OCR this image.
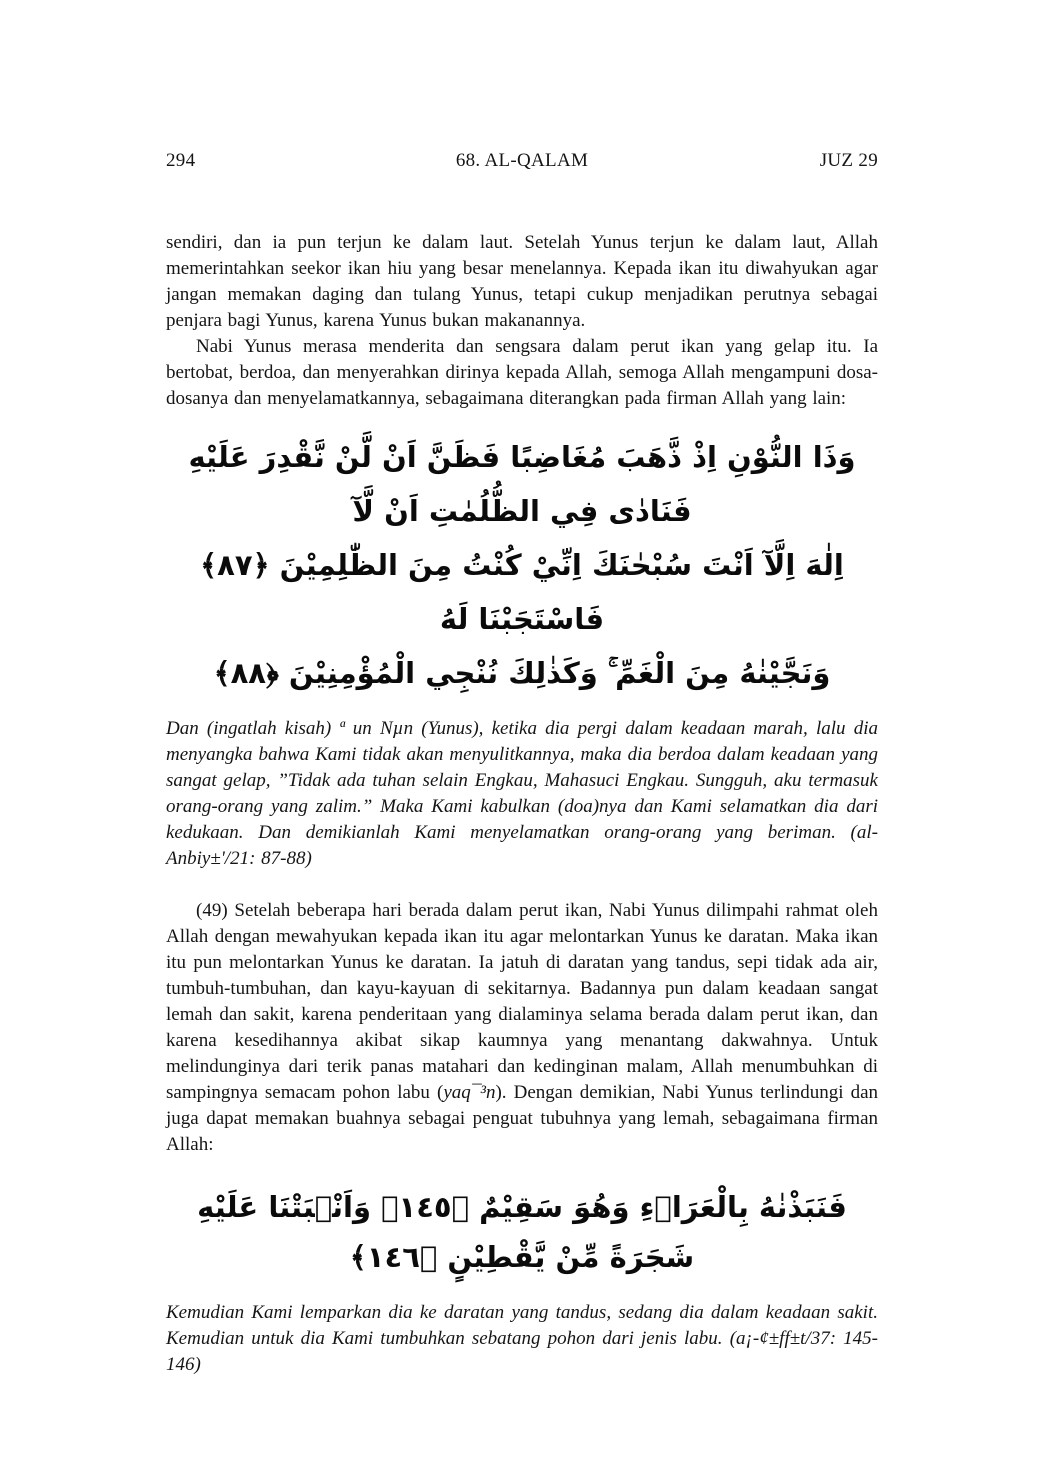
294	68. AL-QALAM	JUZ 29

sendiri, dan ia pun terjun ke dalam laut. Setelah Yunus terjun ke dalam laut, Allah memerintahkan seekor ikan hiu yang besar menelannya. Kepada ikan itu diwahyukan agar jangan memakan daging dan tulang Yunus, tetapi cukup menjadikan perutnya sebagai penjara bagi Yunus, karena Yunus bukan makanannya.

Nabi Yunus merasa menderita dan sengsara dalam perut ikan yang gelap itu. Ia bertobat, berdoa, dan menyerahkan dirinya kepada Allah, semoga Allah mengampuni dosa-dosanya dan menyelamatkannya, sebagaimana diterangkan pada firman Allah yang lain:

وَذَا النُّوْنِ اِذْ ذَّهَبَ مُغَاضِبًا فَظَنَّ اَنْ لَّنْ نَّقْدِرَ عَلَيْهِ فَنَادٰى فِي الظُّلُمٰتِ اَنْ لَّآ
اِلٰهَ اِلَّآ اَنْتَ سُبْحٰنَكَ اِنِّيْ كُنْتُ مِنَ الظّٰلِمِيْنَ ﴿٨٧﴾ فَاسْتَجَبْنَا لَهُ
وَنَجَّيْنٰهُ مِنَ الْغَمِّ ۚ وَكَذٰلِكَ نُنْجِي الْمُؤْمِنِيْنَ ﴿٨٨﴾

Dan (ingatlah kisah) ª un Nµn (Yunus), ketika dia pergi dalam keadaan marah, lalu dia menyangka bahwa Kami tidak akan menyulitkannya, maka dia berdoa dalam keadaan yang sangat gelap, ”Tidak ada tuhan selain Engkau, Mahasuci Engkau. Sungguh, aku termasuk orang-orang yang zalim.” Maka Kami kabulkan (doa)nya dan Kami selamatkan dia dari kedukaan. Dan demikianlah Kami menyelamatkan orang-orang yang beriman. (al-Anbiy±'/21: 87-88)

(49) Setelah beberapa hari berada dalam perut ikan, Nabi Yunus dilimpahi rahmat oleh Allah dengan mewahyukan kepada ikan itu agar melontarkan Yunus ke daratan. Maka ikan itu pun melontarkan Yunus ke daratan. Ia jatuh di daratan yang tandus, sepi tidak ada air, tumbuh-tumbuhan, dan kayu-kayuan di sekitarnya. Badannya pun dalam keadaan sangat lemah dan sakit, karena penderitaan yang dialaminya selama berada dalam perut ikan, dan karena kesedihannya akibat sikap kaumnya yang menantang dakwahnya. Untuk melindunginya dari terik panas matahari dan kedinginan malam, Allah menumbuhkan di sampingnya semacam pohon labu (yaq¯³n). Dengan demikian, Nabi Yunus terlindungi dan juga dapat memakan buahnya sebagai penguat tubuhnya yang lemah, sebagaimana firman Allah:

فَنَبَذْنٰهُ بِالْعَرَاۤءِ وَهُوَ سَقِيْمٌ ﴿١٤٥﴾ وَاَنْۢبَتْنَا عَلَيْهِ شَجَرَةً مِّنْ يَّقْطِيْنٍ ﴿١٤٦﴾

Kemudian Kami lemparkan dia ke daratan yang tandus, sedang dia dalam keadaan sakit. Kemudian untuk dia Kami tumbuhkan sebatang pohon dari jenis labu. (a¡-¢±ff±t/37: 145-146)
